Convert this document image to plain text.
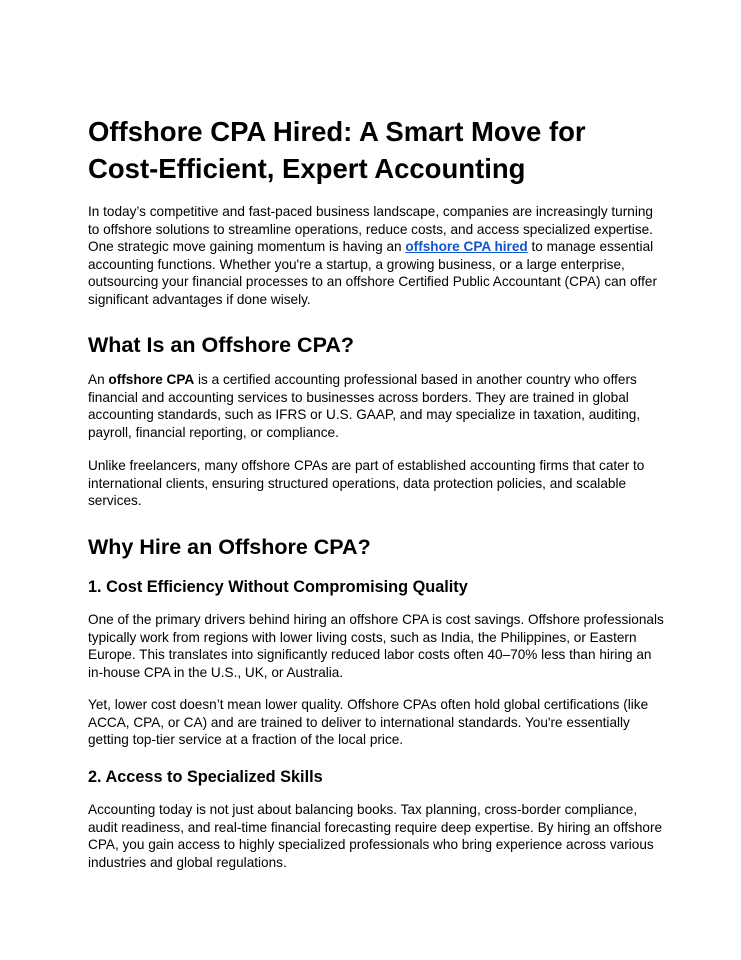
Offshore CPA Hired: A Smart Move for
Cost-Efficient, Expert Accounting

In today’s competitive and fast-paced business landscape, companies are increasingly turning
to offshore solutions to streamline operations, reduce costs, and access specialized expertise.
One strategic move gaining momentum is having an offshore CPA hired to manage essential
accounting functions. Whether you're a startup, a growing business, or a large enterprise,
outsourcing your financial processes to an offshore Certified Public Accountant (CPA) can offer
significant advantages if done wisely.

What Is an Offshore CPA?

An offshore CPA is a certified accounting professional based in another country who offers
financial and accounting services to businesses across borders. They are trained in global
accounting standards, such as IFRS or U.S. GAAP, and may specialize in taxation, auditing,
payroll, financial reporting, or compliance.

Unlike freelancers, many offshore CPAs are part of established accounting firms that cater to
international clients, ensuring structured operations, data protection policies, and scalable
services.

Why Hire an Offshore CPA?
1. Cost Efficiency Without Compromising Quality

One of the primary drivers behind hiring an offshore CPA is cost savings. Offshore professionals
typically work from regions with lower living costs, such as India, the Philippines, or Eastern
Europe. This translates into significantly reduced labor costs often 40–70% less than hiring an
in-house CPA in the U.S., UK, or Australia.

Yet, lower cost doesn’t mean lower quality. Offshore CPAs often hold global certifications (like
ACCA, CPA, or CA) and are trained to deliver to international standards. You're essentially
getting top-tier service at a fraction of the local price.

2. Access to Specialized Skills

Accounting today is not just about balancing books. Tax planning, cross-border compliance,
audit readiness, and real-time financial forecasting require deep expertise. By hiring an offshore
CPA, you gain access to highly specialized professionals who bring experience across various
industries and global regulations.
